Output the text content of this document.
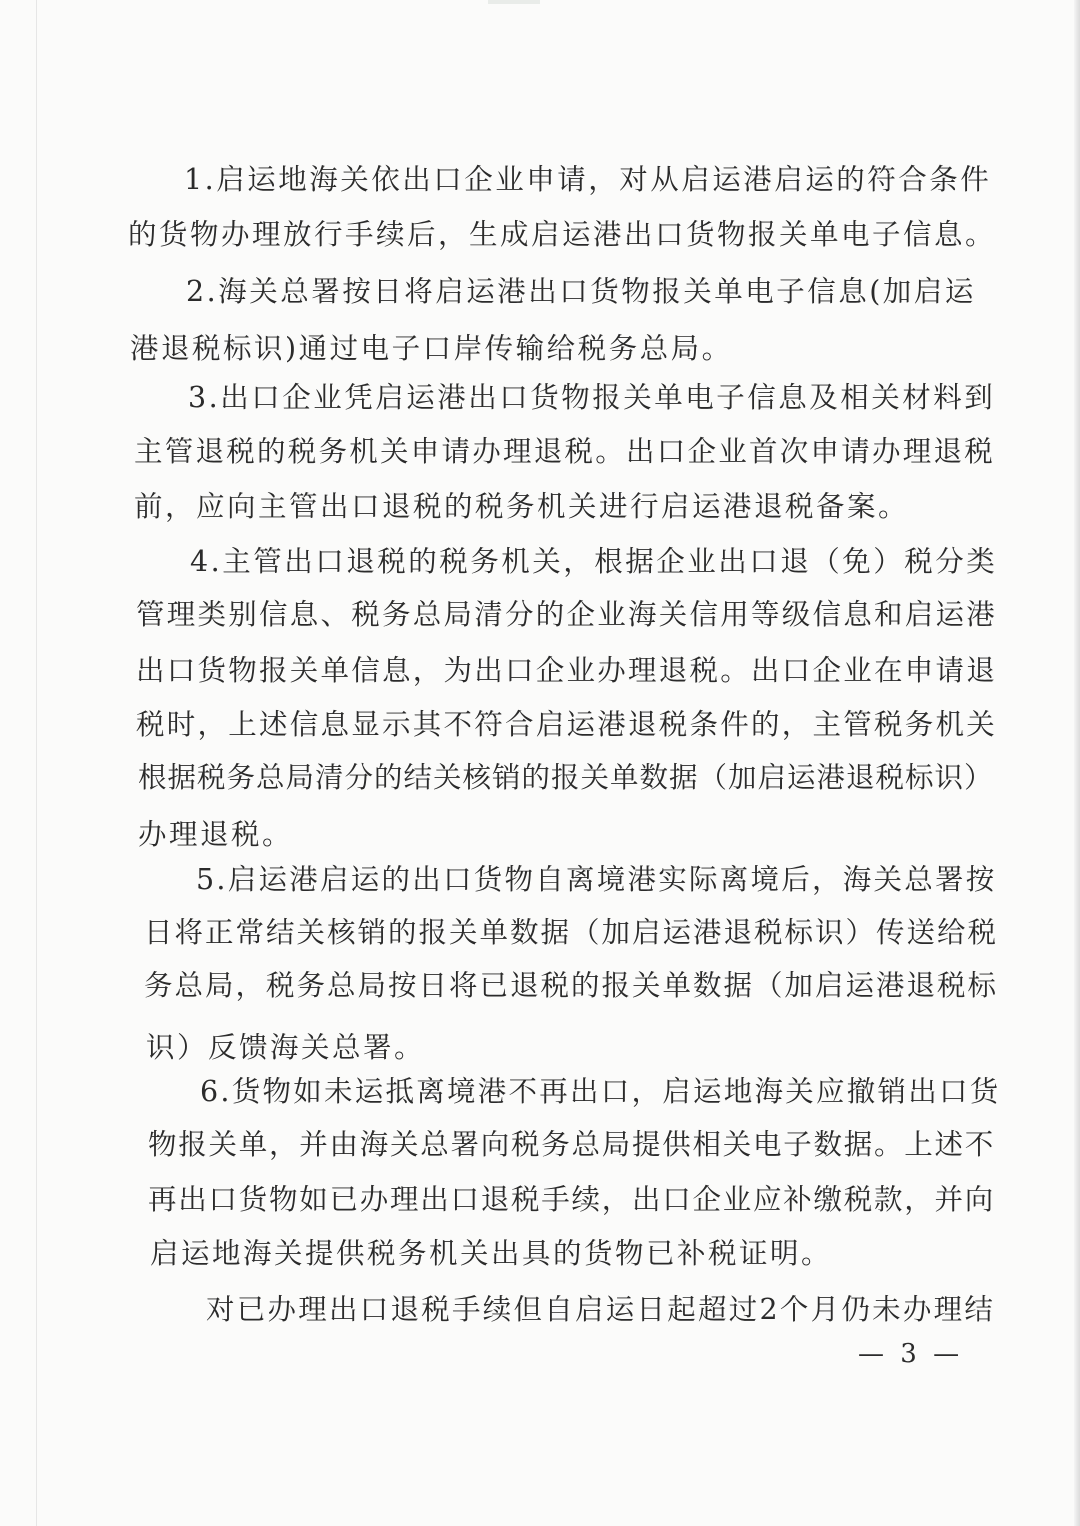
1.启运地海关依出口企业申请，对从启运港启运的符合条件

的货物办理放行手续后，生成启运港出口货物报关单电子信息。

2.海关总署按日将启运港出口货物报关单电子信息(加启运

港退税标识)通过电子口岸传输给税务总局。

3.出口企业凭启运港出口货物报关单电子信息及相关材料到

主管退税的税务机关申请办理退税。出口企业首次申请办理退税

前，应向主管出口退税的税务机关进行启运港退税备案。

4.主管出口退税的税务机关，根据企业出口退（免）税分类

管理类别信息、税务总局清分的企业海关信用等级信息和启运港

出口货物报关单信息，为出口企业办理退税。出口企业在申请退

税时，上述信息显示其不符合启运港退税条件的，主管税务机关

根据税务总局清分的结关核销的报关单数据（加启运港退税标识）

办理退税。

5.启运港启运的出口货物自离境港实际离境后，海关总署按

日将正常结关核销的报关单数据（加启运港退税标识）传送给税

务总局，税务总局按日将已退税的报关单数据（加启运港退税标

识）反馈海关总署。

6.货物如未运抵离境港不再出口，启运地海关应撤销出口货

物报关单，并由海关总署向税务总局提供相关电子数据。上述不

再出口货物如已办理出口退税手续，出口企业应补缴税款，并向

启运地海关提供税务机关出具的货物已补税证明。

对已办理出口退税手续但自启运日起超过2个月仍未办理结

— 3 —
